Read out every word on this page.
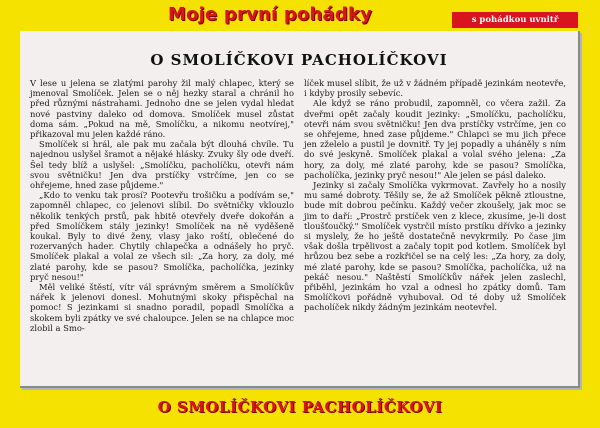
Moje první pohádky	s pohádkou uvnitř
O SMOLÍČKOVI PACHOLÍČKOVI

V lese u jelena se zlatými parohy žil malý chlapec, který se jmenoval Smolíček. Jelen se o něj hezky staral a chránil ho před různými nástrahami. Jednoho dne se jelen vydal hledat nové pastviny daleko od domova. Smolíček musel zůstat doma sám. „Pokud na mě, Smolíčku, a nikomu neotvírej," přikazoval mu jelen každé ráno.

Smolíček si hrál, ale pak mu začala být dlouhá chvíle. Tu najednou uslyšel šramot a nějaké hlásky. Zvuky šly ode dveří. Šel tedy blíž a uslyšel: „Smolíčku, pacholíčku, otevři nám svou světničku! Jen dva prstíčky vstrčíme, jen co se ohřejeme, hned zase půjdeme."

„Kdo to venku tak prosí? Pootevřu trošičku a podívám se," zapomněl chlapec, co jelenovi slíbil. Do světničky vklouzlo několik tenkých prstů, pak hbitě otevřely dveře dokořán a před Smolíčkem stály jezinky! Smolíček na ně vyděšeně koukal. Byly to divé ženy, vlasy jako roští, oblečené do rozervaných hader. Chytily chlapečka a odnášely ho pryč. Smolíček plakal a volal ze všech sil: „Za hory, za doly, mé zlaté parohy, kde se pasou? Smolíčka, pacholíčka, jezinky pryč nesou!"

Měl veliké štěstí, vítr vál správným směrem a Smolíčkův nářek k jelenovi donesl. Mohutnými skoky přispěchal na pomoc! S jezinkami si snadno poradil, popadl Smolíčka a skokem byli zpátky ve své chaloupce. Jelen se na chlapce moc zlobil a Smo-

líček musel slíbit, že už v žádném případě jezinkám neotevře, i kdyby prosily sebevíc.

Ale když se ráno probudil, zapomněl, co včera zažil. Za dveřmi opět začaly koudit jezinky: „Smolíčku, pacholíčku, otevři nám svou světničku! Jen dva prstíčky vstrčíme, jen co se ohřejeme, hned zase půjdeme." Chlapci se mu jich přece jen zželelo a pustil je dovnitř. Ty jej popadly a uháněly s ním do své jeskyně. Smolíček plakal a volal svého jelena: „Za hory, za doly, mé zlaté parohy, kde se pasou? Smolíčka, pacholíčka, jezinky pryč nesou!" Ale jelen se pásl daleko.

Jezinky si začaly Smolíčka vykrmovat. Zavřely ho a nosily mu samé dobroty. Těšily se, že až Smolíček pěkně ztloustne, bude mít dobrou pečínku. Každý večer zkoušely, jak moc se jim to daří: „Prostrč prstíček ven z klece, zkusíme, je-li dost tloušťoučký." Smolíček vystrčil místo prstíku dřívko a jezinky si myslely, že ho ještě dostatečně nevykrmily. Po čase jim však došla trpělivost a začaly topit pod kotlem. Smolíček byl hrůzou bez sebe a rozkřičel se na celý les: „Za hory, za doly, mé zlaté parohy, kde se pasou? Smolíčka, pacholíčka, už na pekáč nesou." Naštěstí Smolíčkův nářek jelen zaslechl, přiběhl, jezinkám ho vzal a odnesl ho zpátky domů. Tam Smolíčkovi pořádně vyhubovał. Od té doby už Smolíček pacholíček nikdy žádným jezinkám neotevřel.

O SMOLÍČKOVI PACHOLÍČKOVI
